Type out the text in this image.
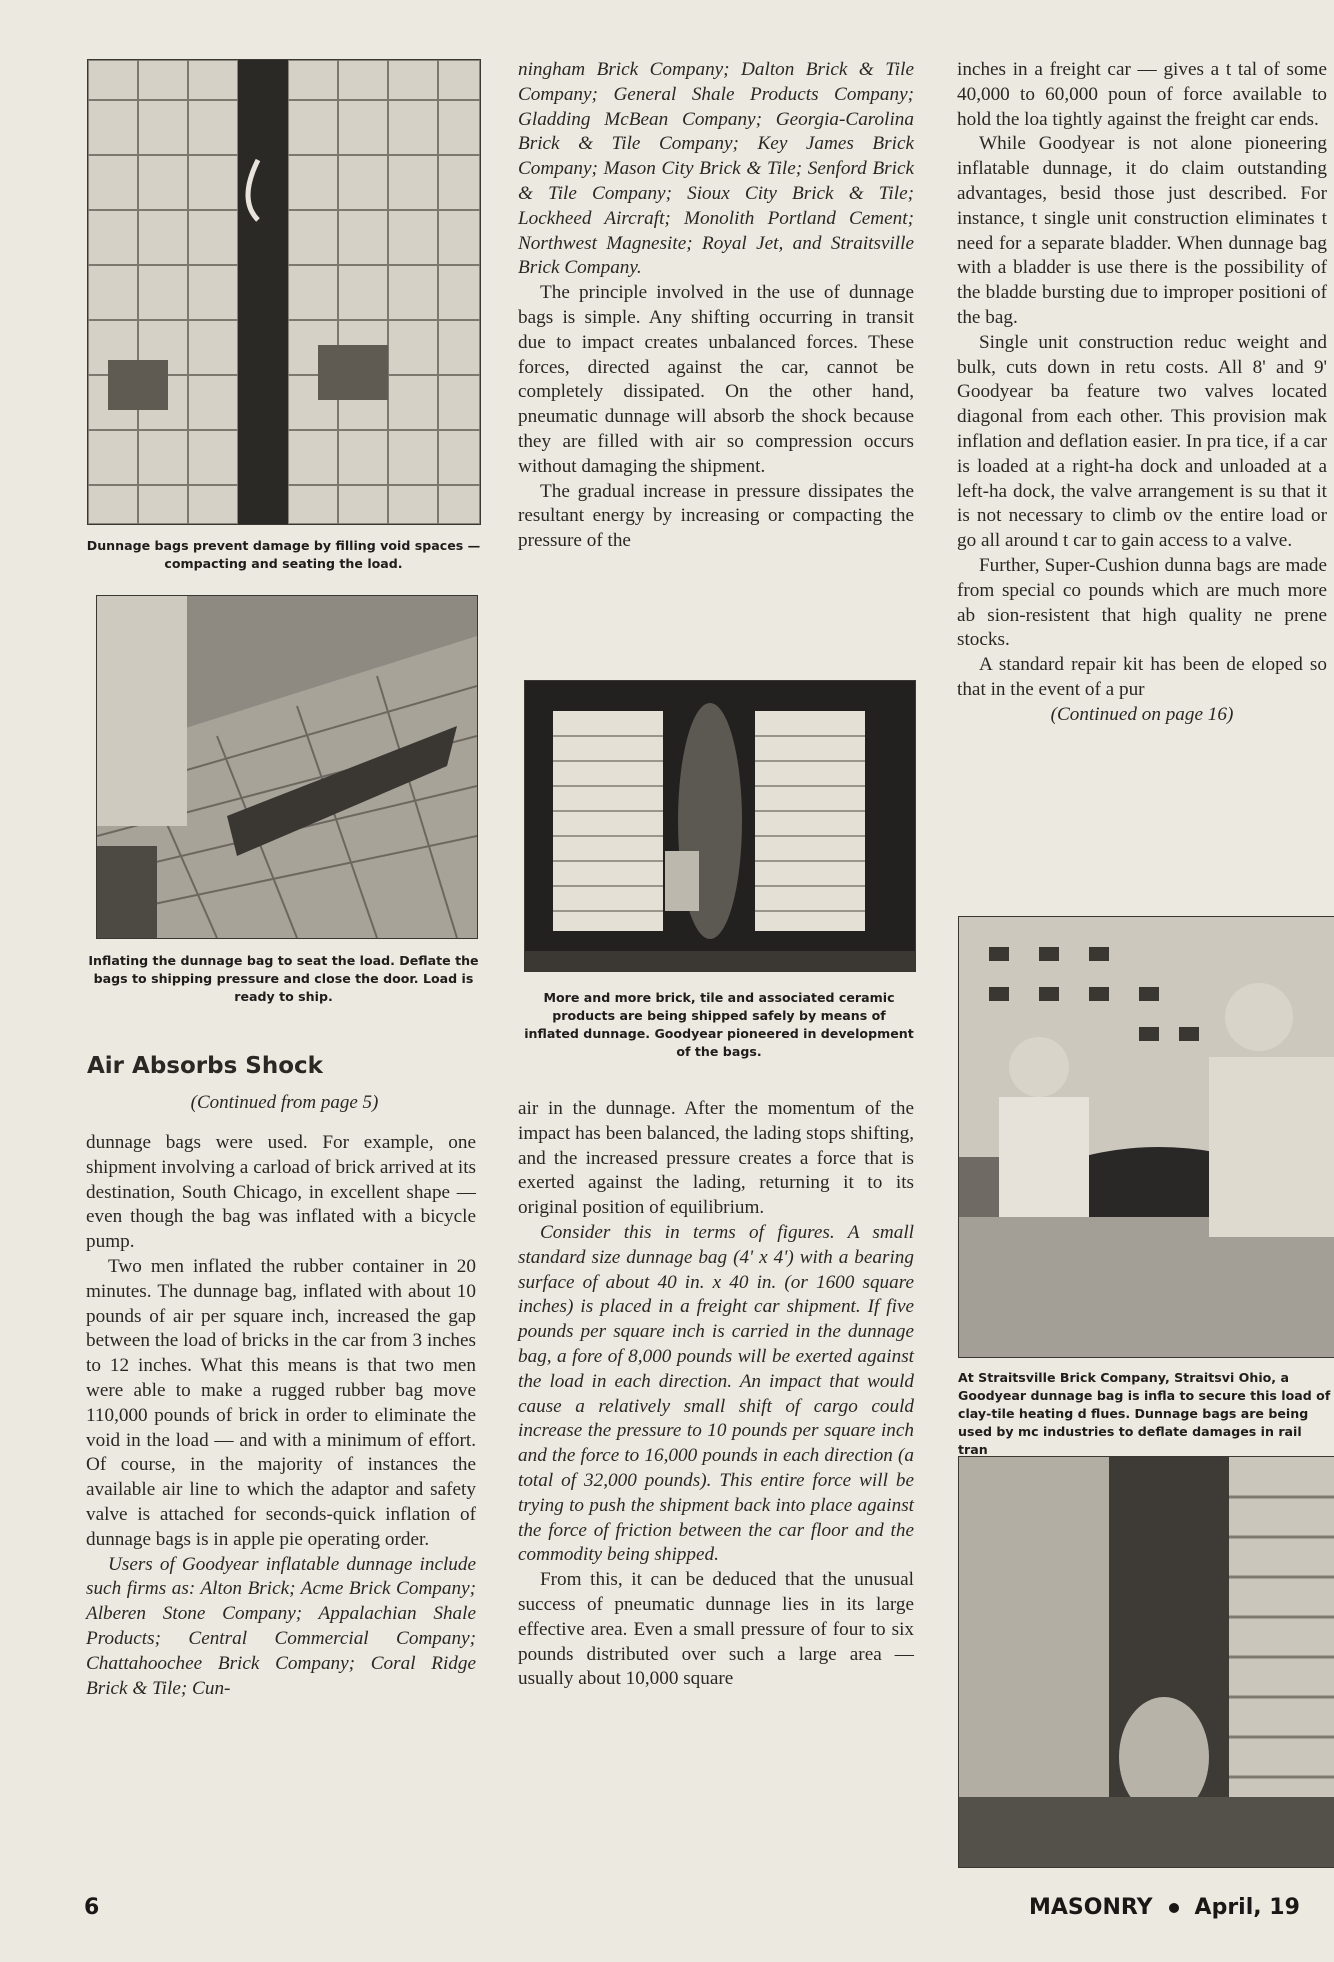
Dunnage bags prevent damage by filling void spaces — compacting and seating the load.
Inflating the dunnage bag to seat the load. Deflate the bags to shipping pressure and close the door. Load is ready to ship.
Air Absorbs Shock

(Continued from page 5)

dunnage bags were used. For example, one shipment involving a carload of brick arrived at its destination, South Chicago, in excellent shape — even though the bag was inflated with a bicycle pump.

Two men inflated the rubber container in 20 minutes. The dunnage bag, inflated with about 10 pounds of air per square inch, increased the gap between the load of bricks in the car from 3 inches to 12 inches. What this means is that two men were able to make a rugged rubber bag move 110,000 pounds of brick in order to eliminate the void in the load — and with a minimum of effort. Of course, in the majority of instances the available air line to which the adaptor and safety valve is attached for seconds-quick inflation of dunnage bags is in apple pie operating order.

Users of Goodyear inflatable dunnage include such firms as: Alton Brick; Acme Brick Company; Alberen Stone Company; Appalachian Shale Products; Central Commercial Company; Chattahoochee Brick Company; Coral Ridge Brick & Tile; Cun-

ningham Brick Company; Dalton Brick & Tile Company; General Shale Products Company; Gladding McBean Company; Georgia-Carolina Brick & Tile Company; Key James Brick Company; Mason City Brick & Tile; Senford Brick & Tile Company; Sioux City Brick & Tile; Lockheed Aircraft; Monolith Portland Cement; Northwest Magnesite; Royal Jet, and Straitsville Brick Company.

The principle involved in the use of dunnage bags is simple. Any shifting occurring in transit due to impact creates unbalanced forces. These forces, directed against the car, cannot be completely dissipated. On the other hand, pneumatic dunnage will absorb the shock because they are filled with air so compression occurs without damaging the shipment.

The gradual increase in pressure dissipates the resultant energy by increasing or compacting the pressure of the

More and more brick, tile and associated ceramic products are being shipped safely by means of inflated dunnage. Goodyear pioneered in development of the bags.

air in the dunnage. After the momentum of the impact has been balanced, the lading stops shifting, and the increased pressure creates a force that is exerted against the lading, returning it to its original position of equilibrium.

Consider this in terms of figures. A small standard size dunnage bag (4' x 4') with a bearing surface of about 40 in. x 40 in. (or 1600 square inches) is placed in a freight car shipment. If five pounds per square inch is carried in the dunnage bag, a fore of 8,000 pounds will be exerted against the load in each direction. An impact that would cause a relatively small shift of cargo could increase the pressure to 10 pounds per square inch and the force to 16,000 pounds in each direction (a total of 32,000 pounds). This entire force will be trying to push the shipment back into place against the force of friction between the car floor and the commodity being shipped.

From this, it can be deduced that the unusual success of pneumatic dunnage lies in its large effective area. Even a small pressure of four to six pounds distributed over such a large area — usually about 10,000 square

inches in a freight car — gives a t tal of some 40,000 to 60,000 poun of force available to hold the loa tightly against the freight car ends.

While Goodyear is not alone pioneering inflatable dunnage, it do claim outstanding advantages, besid those just described. For instance, t single unit construction eliminates t need for a separate bladder. When dunnage bag with a bladder is use there is the possibility of the bladde bursting due to improper positioni of the bag.

Single unit construction reduc weight and bulk, cuts down in retu costs. All 8' and 9' Goodyear ba feature two valves located diagonal from each other. This provision mak inflation and deflation easier. In pra tice, if a car is loaded at a right-ha dock and unloaded at a left-ha dock, the valve arrangement is su that it is not necessary to climb ov the entire load or go all around t car to gain access to a valve.

Further, Super-Cushion dunna bags are made from special co pounds which are much more ab sion-resistent that high quality ne prene stocks.

A standard repair kit has been de eloped so that in the event of a pur

(Continued on page 16)

At Straitsville Brick Company, Straitsvi Ohio, a Goodyear dunnage bag is infla to secure this load of clay-tile heating d flues. Dunnage bags are being used by mc industries to deflate damages in rail tran
6	MASONRY April, 19
